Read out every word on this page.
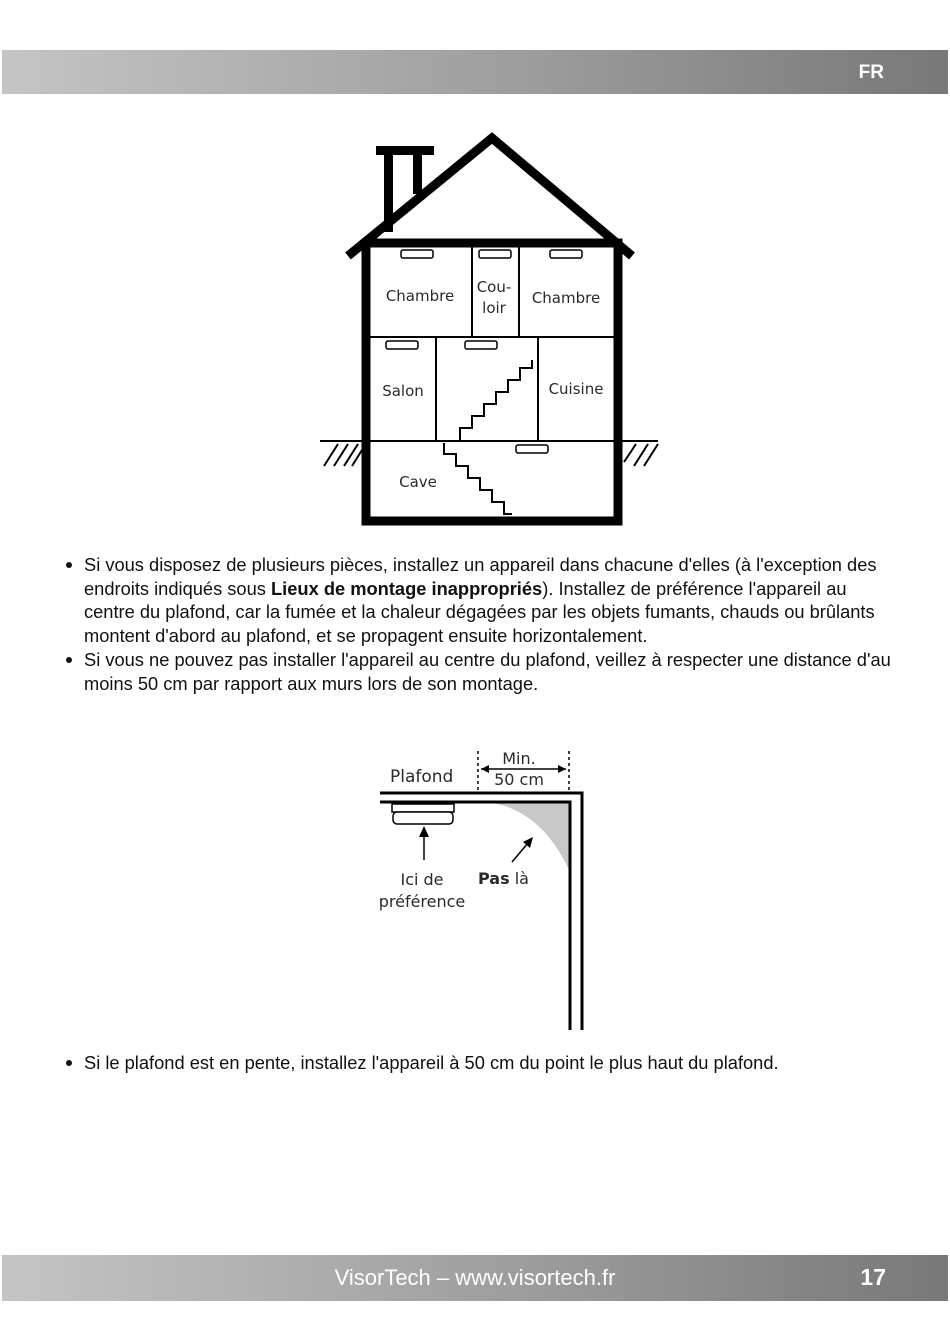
FR
Chambre Cou-
loir
Chambre
Salon	Cuisine
Cave
Si vous disposez de plusieurs pièces, installez un appareil dans chacune d'elles (à l'exception des endroits indiqués sous Lieux de montage inappropriés). Installez de préférence l'appareil au centre du plafond, car la fumée et la chaleur dégagées par les objets fumants, chauds ou brûlants montent d'abord au plafond, et se propagent ensuite horizontalement.
Si vous ne pouvez pas installer l'appareil au centre du plafond, veillez à respecter une distance d'au moins 50 cm par rapport aux murs lors de son montage.
Plafond
Min.
50 cm
Ici de
préférence
Pas là
Si le plafond est en pente, installez l'appareil à 50 cm du point le plus haut du plafond.
VisorTech – www.visortech.fr	17
